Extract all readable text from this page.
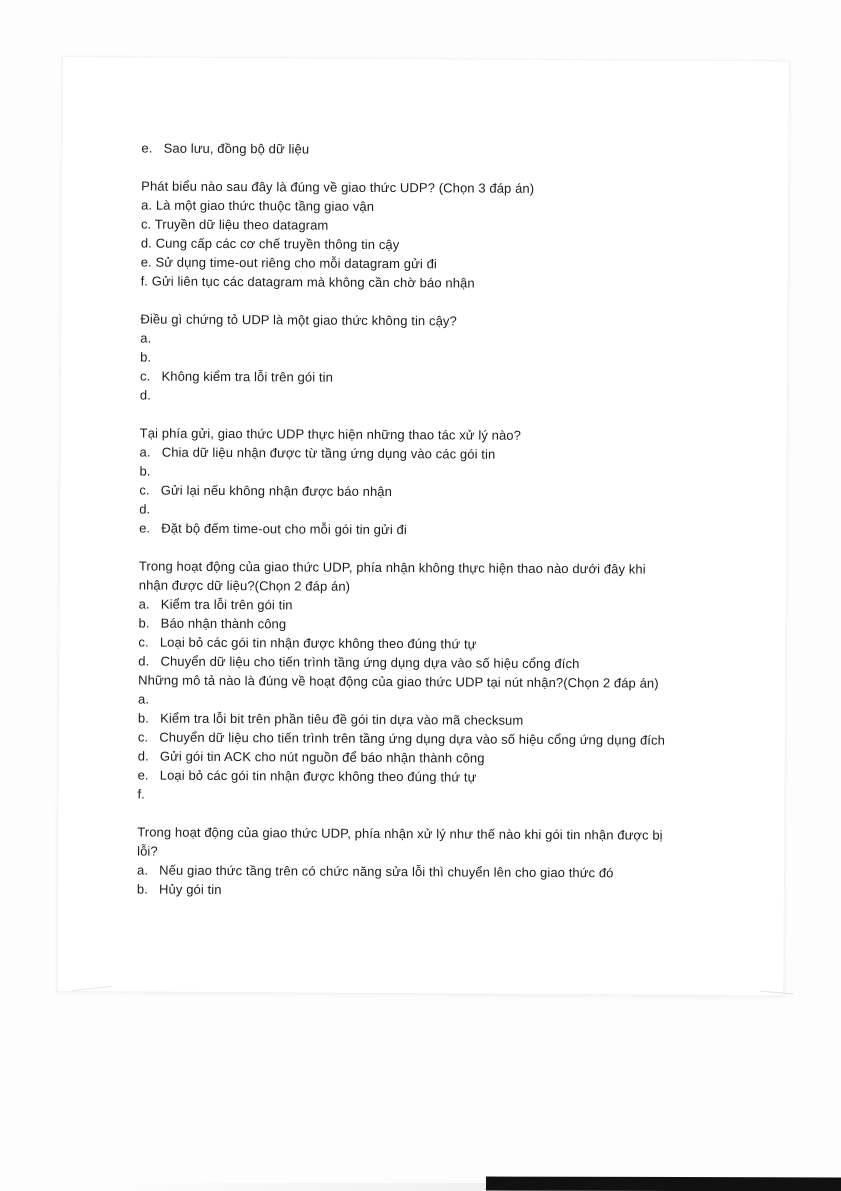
e.   Sao lưu, đồng bộ dữ liệu
Phát biểu nào sau đây là đúng về giao thức UDP? (Chọn 3 đáp án)
a. Là một giao thức thuộc tầng giao vận
c. Truyền dữ liệu theo datagram
d. Cung cấp các cơ chế truyền thông tin cậy
e. Sử dụng time-out riêng cho mỗi datagram gửi đi
f. Gửi liên tục các datagram mà không cần chờ báo nhận
Điều gì chứng tỏ UDP là một giao thức không tin cậy?
a.
b.
c.   Không kiểm tra lỗi trên gói tin
d.
Tại phía gửi, giao thức UDP thực hiện những thao tác xử lý nào?
a.   Chia dữ liệu nhận được từ tầng ứng dụng vào các gói tin
b.
c.   Gửi lại nếu không nhận được báo nhận
d.
e.   Đặt bộ đếm time-out cho mỗi gói tin gửi đi
Trong hoạt động của giao thức UDP, phía nhận không thực hiện thao nào dưới đây khi
nhận được dữ liệu?(Chọn 2 đáp án)
a.   Kiểm tra lỗi trên gói tin
b.   Báo nhận thành công
c.   Loại bỏ các gói tin nhận được không theo đúng thứ tự
d.   Chuyển dữ liệu cho tiến trình tầng ứng dụng dựa vào số hiệu cổng đích
Những mô tả nào là đúng về hoạt động của giao thức UDP tại nút nhận?(Chọn 2 đáp án)
a.
b.   Kiểm tra lỗi bit trên phần tiêu đề gói tin dựa vào mã checksum
c.   Chuyển dữ liệu cho tiến trình trên tầng ứng dụng dựa vào số hiệu cổng ứng dụng đích
d.   Gửi gói tin ACK cho nút nguồn để báo nhận thành công
e.   Loại bỏ các gói tin nhận được không theo đúng thứ tự
f.
Trong hoạt động của giao thức UDP, phía nhận xử lý như thế nào khi gói tin nhận được bị
lỗi?
a.   Nếu giao thức tầng trên có chức năng sửa lỗi thì chuyển lên cho giao thức đó
b.   Hủy gói tin
